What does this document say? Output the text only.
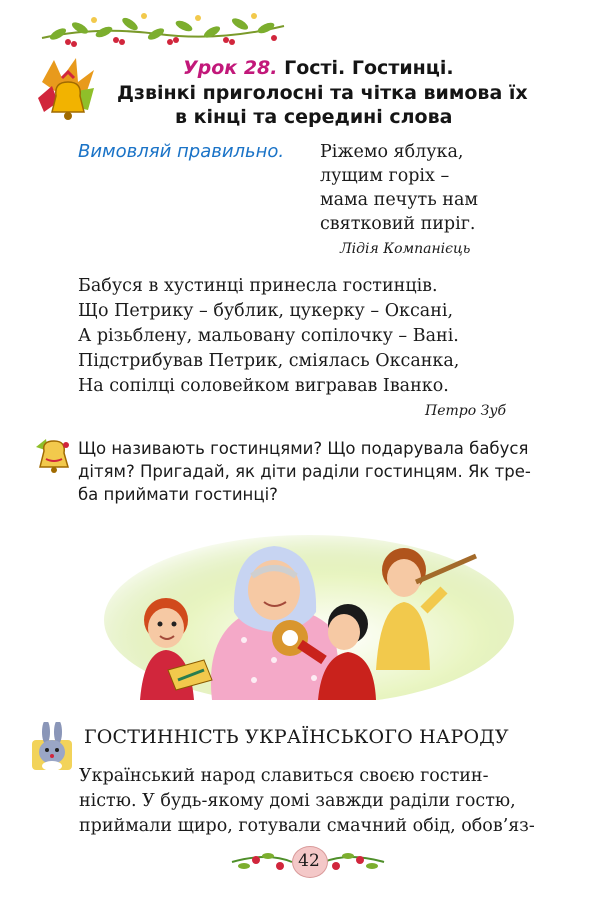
Урок 28. Гості. Гостинці.
Дзвінкі приголосні та чітка вимова їх
в кінці та середині слова
Вимовляй правильно. Ріжемо яблука,
лущим горіх –
мама печуть нам
святковий пиріг.
Лідія Компанієць
Бабуся в хустинці принесла гостинців.
Що Петрику – бублик, цукерку – Оксані,
А різьблену, мальовану сопілочку – Вані.
Підстрибував Петрик, сміялась Оксанка,
На сопілці соловейком вигравав Іванко.
Петро Зуб
Що називають гостинцями? Що подарувала бабуся
дітям? Пригадай, як діти раділи гостинцям. Як тре-
ба приймати гостинці?
ГОСТИННІСТЬ УКРАЇНСЬКОГО НАРОДУ
Український народ славиться своєю гостин-
ністю. У будь-якому домі завжди раділи гостю,
приймали щиро, готували смачний обід, обов’яз-
42
